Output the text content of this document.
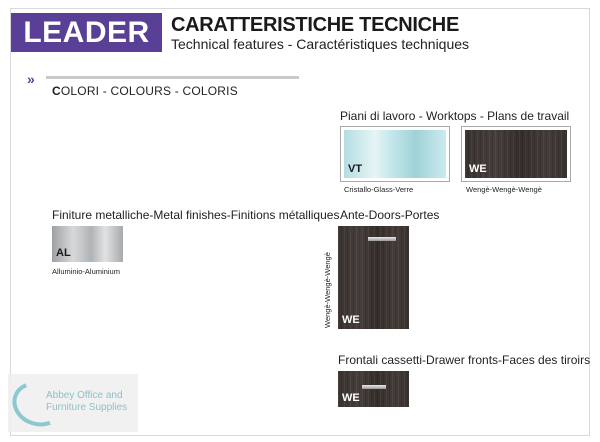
LEADER	CARATTERISTICHE TECNICHE
Technical features - Caractéristiques techniques
»
COLORI - COLOURS - COLORIS
Piani di lavoro - Worktops - Plans de travail
VT
Cristallo-Glass-Verre
WE
Wengè-Wengè-Wengè
Finiture metalliche-Metal finishes-Finitions métalliques
AL
Alluminio-Aluminium
Ante-Doors-Portes
Wengè-Wengè-Wengè WE
Frontali cassetti-Drawer fronts-Faces des tiroirs
WE
Abbey Office and
Furniture Supplies
